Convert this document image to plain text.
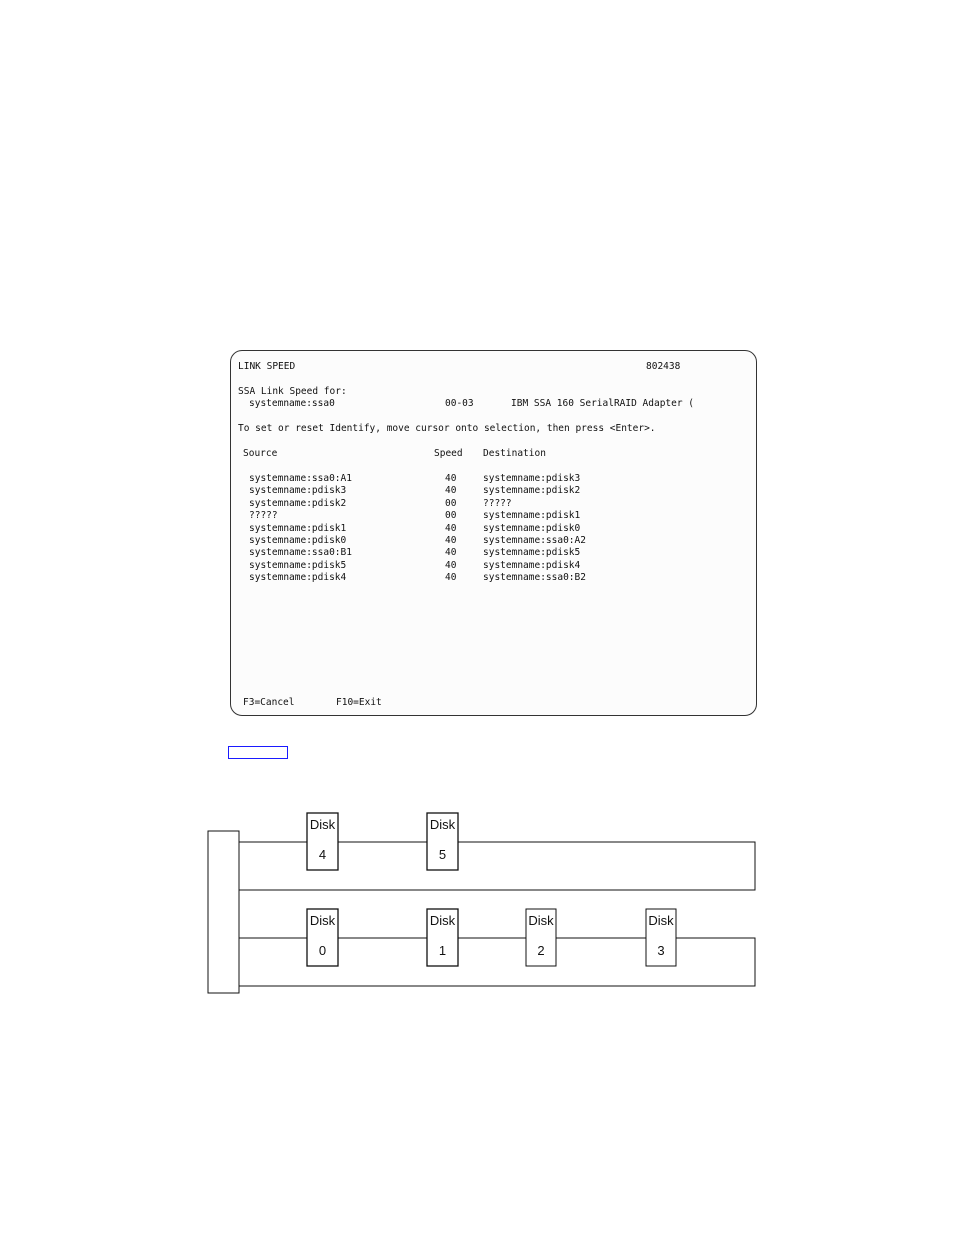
LINK SPEED	802438
SSA Link Speed for:
systemname:ssa0	00-03	IBM SSA 160 SerialRAID Adapter (
To set or reset Identify, move cursor onto selection, then press <Enter>.
Source	Speed Destination
systemname:ssa0:A1	40	systemname:pdisk3
systemname:pdisk3	40	systemname:pdisk2
systemname:pdisk2	00	?????
?????	00	systemname:pdisk1
systemname:pdisk1	40	systemname:pdisk0
systemname:pdisk0	40	systemname:ssa0:A2
systemname:ssa0:B1	40	systemname:pdisk5
systemname:pdisk5	40	systemname:pdisk4
systemname:pdisk4	40	systemname:ssa0:B2
F3=Cancel	F10=Exit
Disk
4
Disk
5
Disk
0
Disk
1
Disk
2
Disk
3
